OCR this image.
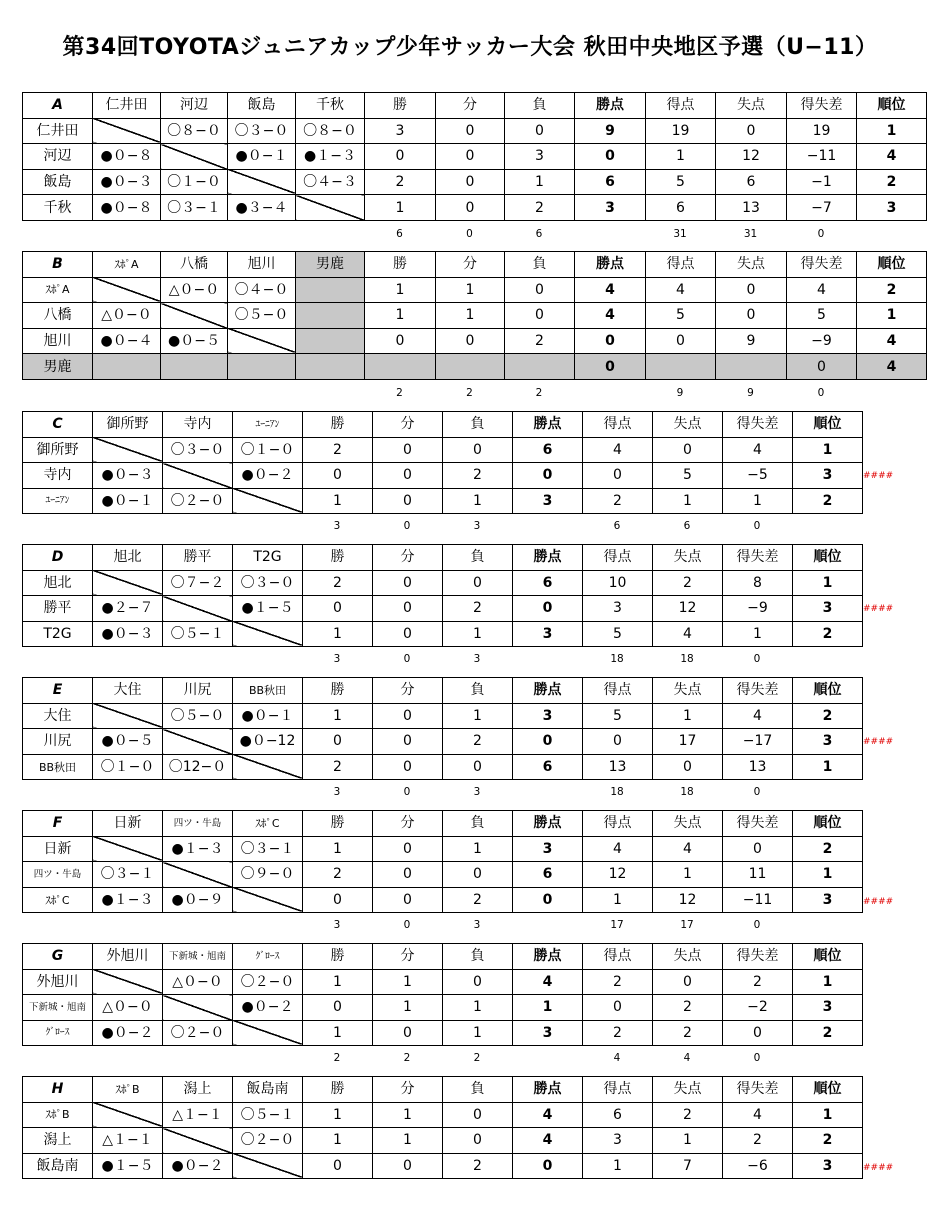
第34回TOYOTAジュニアカップ少年サッカー大会 秋田中央地区予選（U−11）
A	仁井田	河辺	飯島	千秋	勝	分	負	勝点	得点	失点	得失差	順位
仁井田		〇８−０	〇３−０	〇８−０	3	0	0	9	19	0	19	1
河辺	●０−８		●０−１	●１−３	0	0	3	0	1	12	−11	4
飯島	●０−３	〇１−０		〇４−３	2	0	1	6	5	6	−1	2
千秋	●０−８	〇３−１	●３−４		1	0	2	3	6	13	−7	3
6	0	6	31	31	0
B	ｽﾎﾟA	八橋	旭川	男鹿	勝	分	負	勝点	得点	失点	得失差	順位
ｽﾎﾟA		△０−０	〇４−０		1	1	0	4	4	0	4	2
八橋	△０−０		〇５−０		1	1	0	4	5	0	5	1
旭川	●０−４	●０−５			0	0	2	0	0	9	−9	4
男鹿								0			0	4
2	2	2	9	9	0
####
C	御所野	寺内	ﾕｰﾆｱﾝ	勝	分	負	勝点	得点	失点	得失差	順位
御所野		〇３−０	〇１−０	2	0	0	6	4	0	4	1
寺内	●０−３		●０−２	0	0	2	0	0	5	−5	3
ﾕｰﾆｱﾝ	●０−１	〇２−０		1	0	1	3	2	1	1	2
3	0	3	6	6	0
####
D	旭北	勝平	T2G	勝	分	負	勝点	得点	失点	得失差	順位
旭北		〇７−２	〇３−０	2	0	0	6	10	2	8	1
勝平	●２−７		●１−５	0	0	2	0	3	12	−9	3
T2G	●０−３	〇５−１		1	0	1	3	5	4	1	2
3	0	3	18	18	0
####
E	大住	川尻	BB秋田	勝	分	負	勝点	得点	失点	得失差	順位
大住		〇５−０	●０−１	1	0	1	3	5	1	4	2
川尻	●０−５		●０−12	0	0	2	0	0	17	−17	3
BB秋田	〇１−０	〇12−０		2	0	0	6	13	0	13	1
3	0	3	18	18	0
####
F	日新	四ツ・牛島	ｽﾎﾟC	勝	分	負	勝点	得点	失点	得失差	順位
日新		●１−３	〇３−１	1	0	1	3	4	4	0	2
四ツ・牛島	〇３−１		〇９−０	2	0	0	6	12	1	11	1
ｽﾎﾟC	●１−３	●０−９		0	0	2	0	1	12	−11	3
3	0	3	17	17	0
G	外旭川	下新城・旭南	ｸﾞﾛｰｽ	勝	分	負	勝点	得点	失点	得失差	順位
外旭川		△０−０	〇２−０	1	1	0	4	2	0	2	1
下新城・旭南	△０−０		●０−２	0	1	1	1	0	2	−2	3
ｸﾞﾛｰｽ	●０−２	〇２−０		1	0	1	3	2	2	0	2
2	2	2	4	4	0
####
H	ｽﾎﾟB	潟上	飯島南	勝	分	負	勝点	得点	失点	得失差	順位
ｽﾎﾟB		△１−１	〇５−１	1	1	0	4	6	2	4	1
潟上	△１−１		〇２−０	1	1	0	4	3	1	2	2
飯島南	●１−５	●０−２		0	0	2	0	1	7	−6	3
